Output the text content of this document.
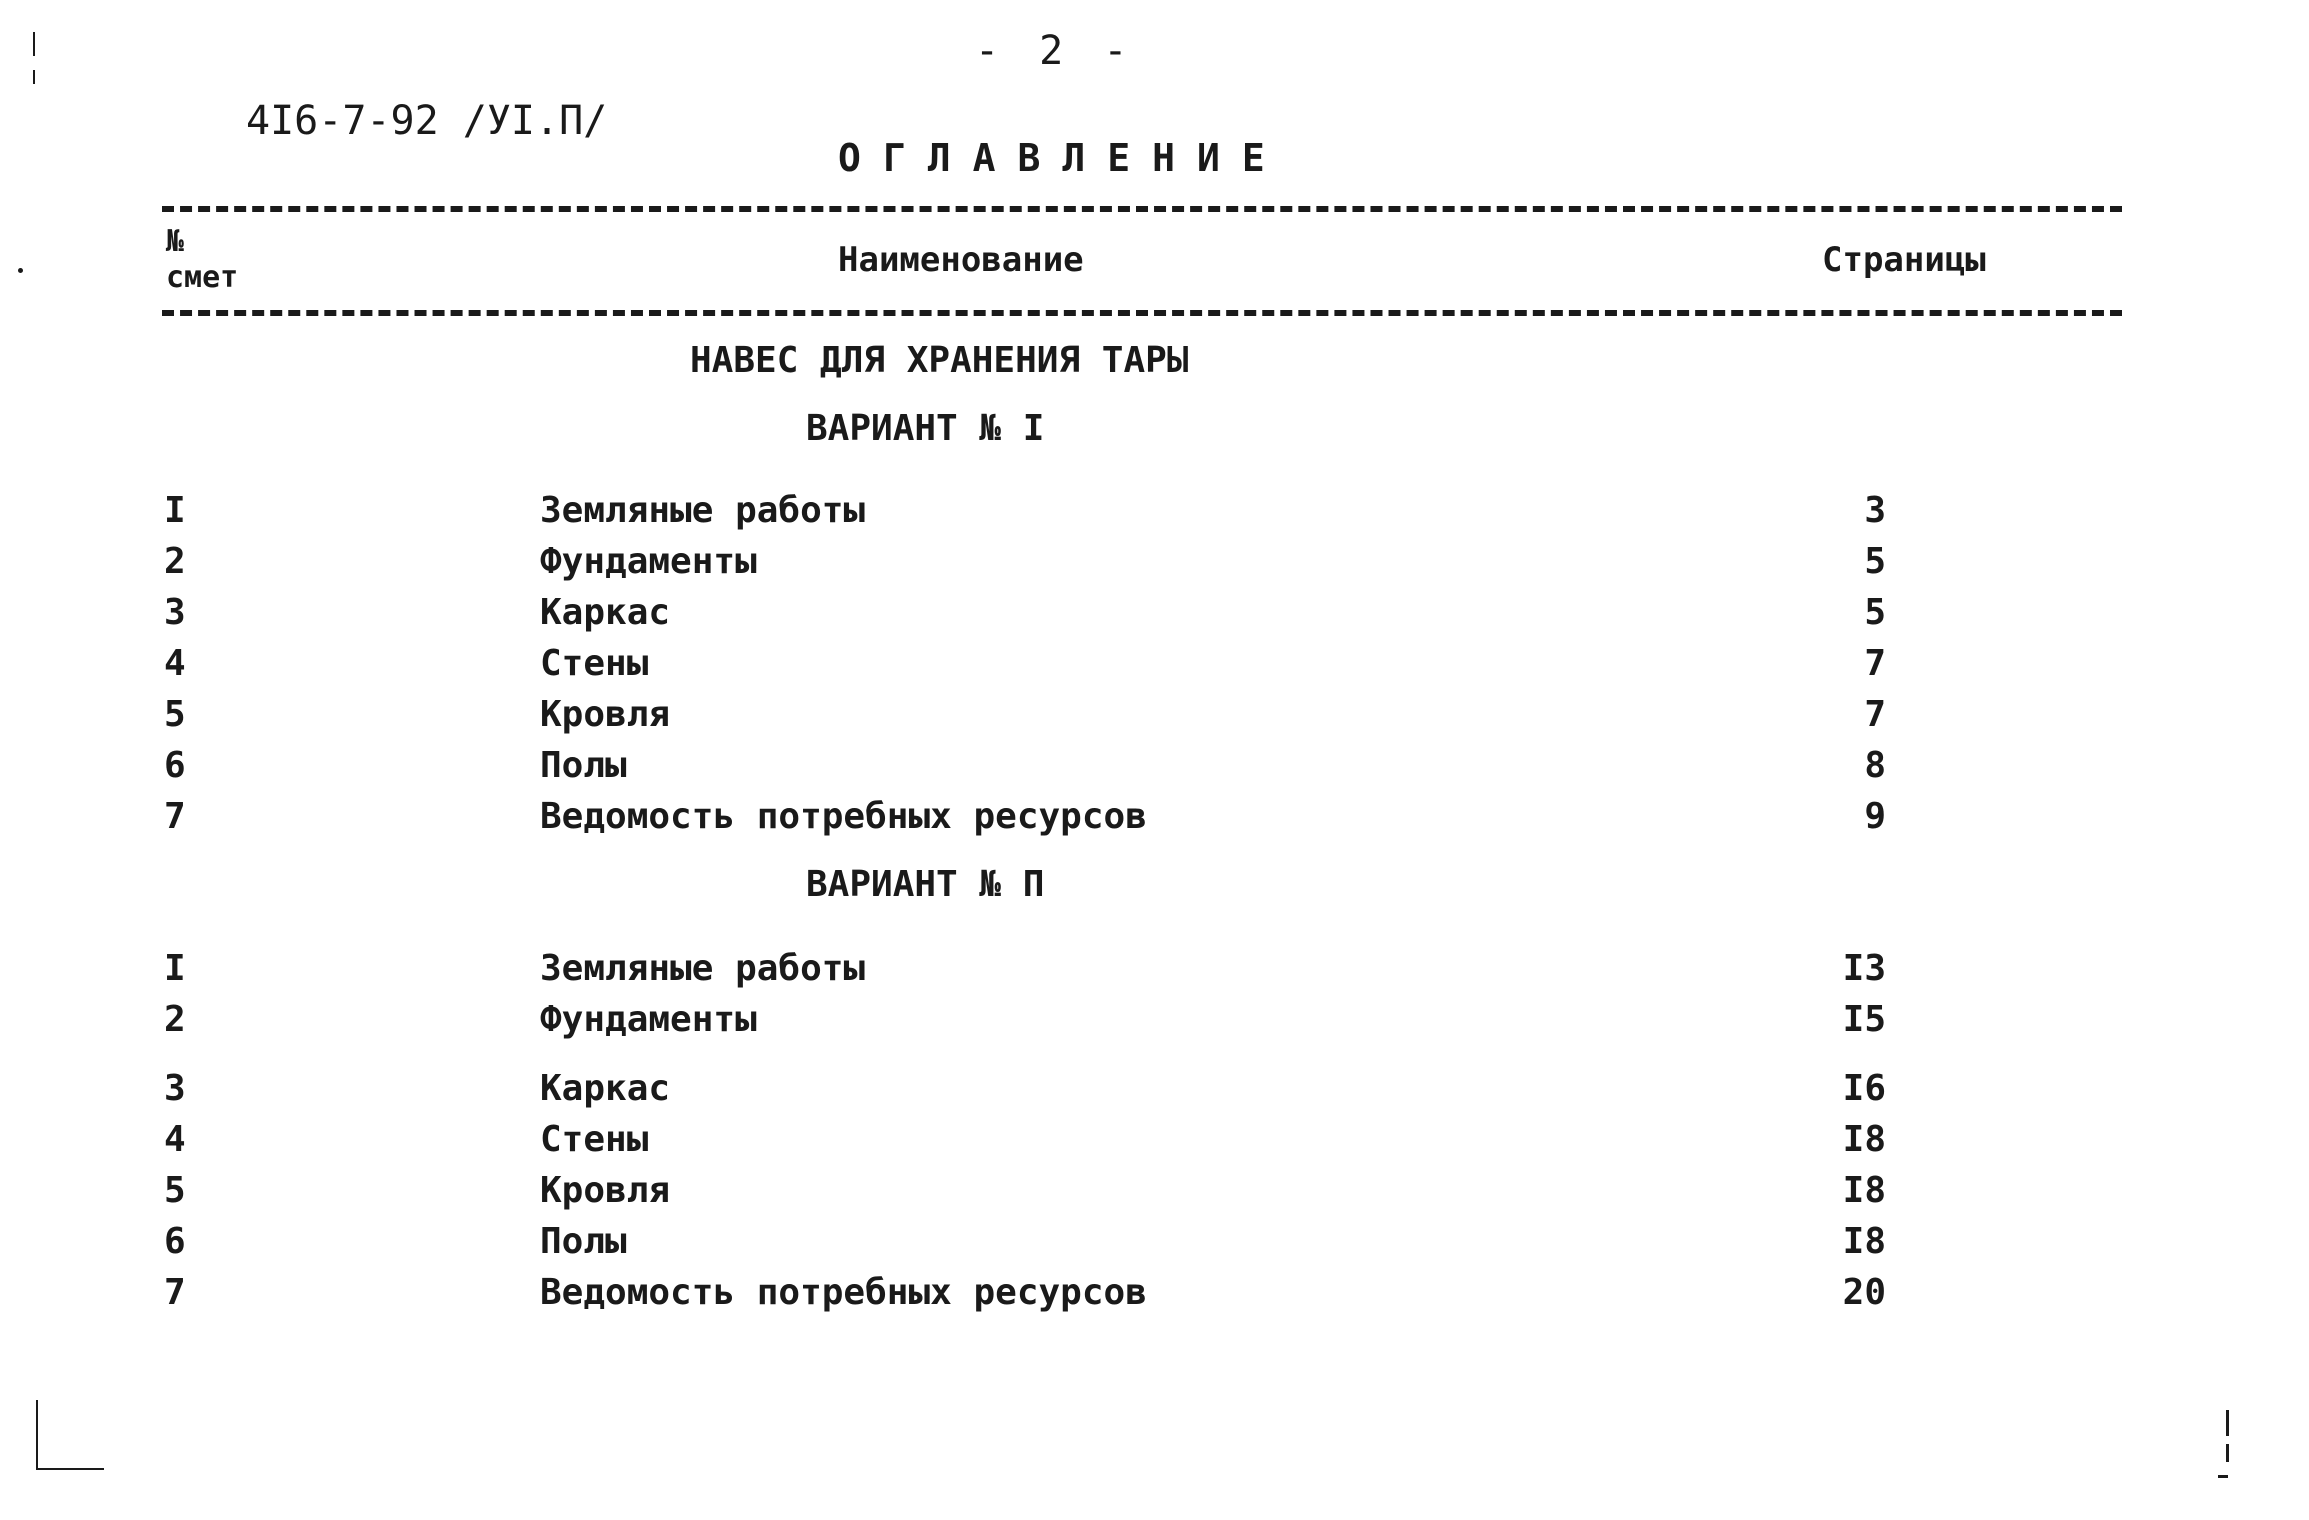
- 2 -
4I6-7-92 /УI.П/
ОГЛАВЛЕНИЕ
№
смет	Наименование	Страницы
НАВЕС ДЛЯ ХРАНЕНИЯ ТАРЫ
ВАРИАНТ № I
I	Земляные работы	3
2	Фундаменты	5
3	Каркас	5
4	Стены	7
5	Кровля	7
6	Полы	8
7	Ведомость потребных ресурсов	9
ВАРИАНТ № П
I	Земляные работы	I3
2	Фундаменты	I5
3	Каркас	I6
4	Стены	I8
5	Кровля	I8
6	Полы	I8
7	Ведомость потребных ресурсов	20
